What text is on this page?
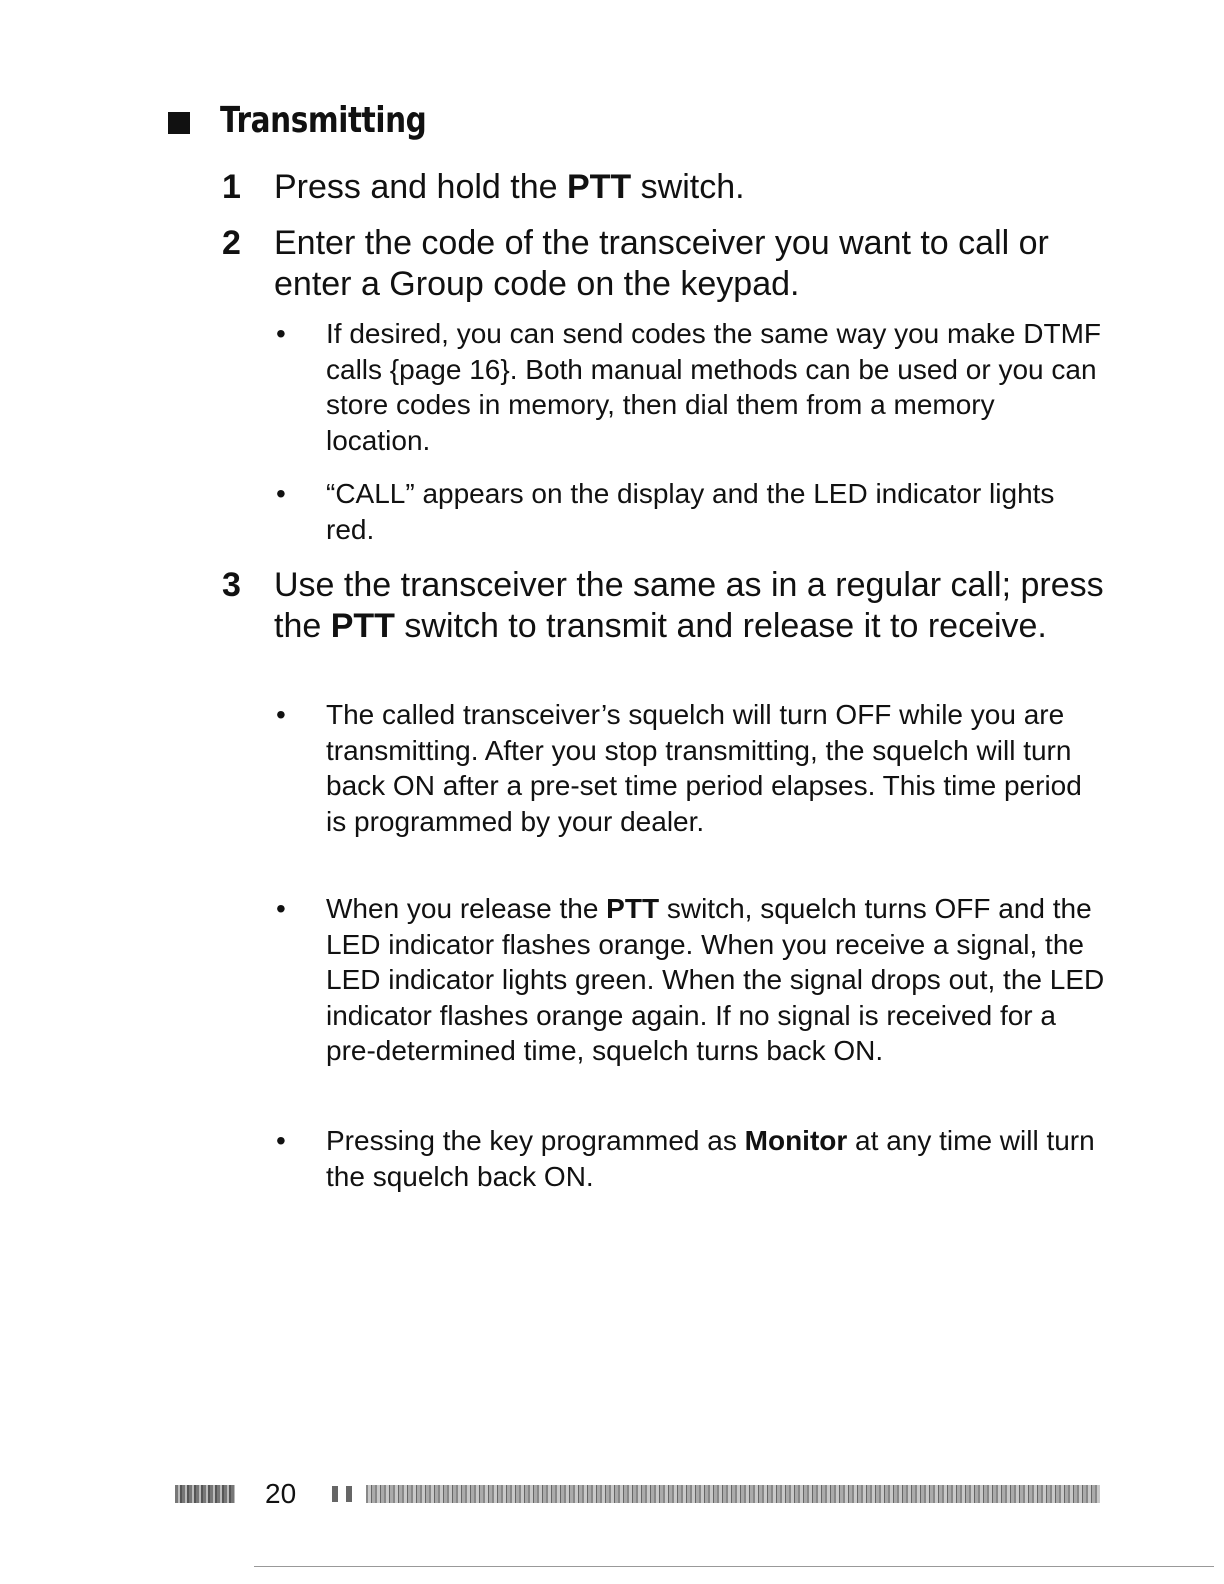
Transmitting
1 Press and hold the PTT switch.
2 Enter the code of the transceiver you want to call or enter a Group code on the keypad.
• If desired, you can send codes the same way you make DTMF calls {page 16}. Both manual methods can be used or you can store codes in memory, then dial them from a memory location.
• “CALL” appears on the display and the LED indicator lights red.
3 Use the transceiver the same as in a regular call; press the PTT switch to transmit and release it to receive.
• The called transceiver’s squelch will turn OFF while you are transmitting. After you stop transmitting, the squelch will turn back ON after a pre-set time period elapses. This time period is programmed by your dealer.
• When you release the PTT switch, squelch turns OFF and the LED indicator flashes orange. When you receive a signal, the LED indicator lights green. When the signal drops out, the LED indicator flashes orange again. If no signal is received for a pre-determined time, squelch turns back ON.
• Pressing the key programmed as Monitor at any time will turn the squelch back ON.
20
